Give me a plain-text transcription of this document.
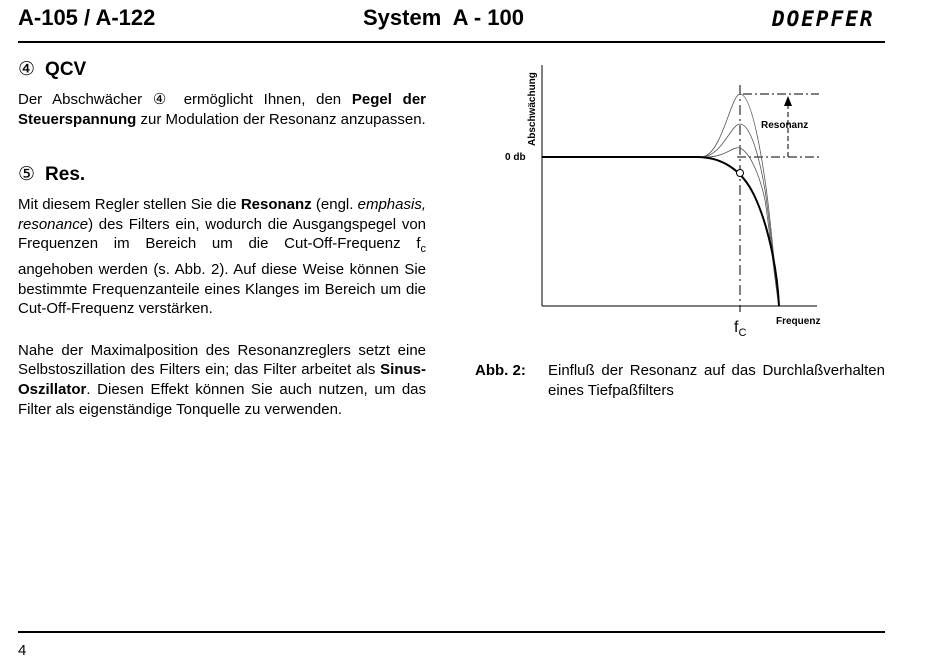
A-105 / A-122	System  A - 100	DOEPFER
④ QCV

Der Abschwächer ④ ermöglicht Ihnen, den Pegel der Steuerspannung zur Modulation der Resonanz anzupassen.

⑤ Res.

Mit diesem Regler stellen Sie die Resonanz (engl. emphasis, resonance) des Filters ein, wodurch die Ausgangspegel von Frequenzen im Bereich um die Cut-Off-Frequenz $f_c$ angehoben werden (s. Abb. 2). Auf diese Weise können Sie bestimmte Frequenzanteile eines Klanges im Bereich um die Cut-Off-Frequenz verstärken.

Nahe der Maximalposition des Resonanzreglers setzt eine Selbstoszillation des Filters ein; das Filter arbeitet als Sinus-Oszillator. Diesen Effekt können Sie auch nutzen, um das Filter als eigenständige Tonquelle zu verwenden.

Abschwächung
0 db
Resonanz
$f_C$
Frequenz
Abb. 2: Einfluß der Resonanz auf das Durchlaßverhalten eines Tiefpaßfilters
4
